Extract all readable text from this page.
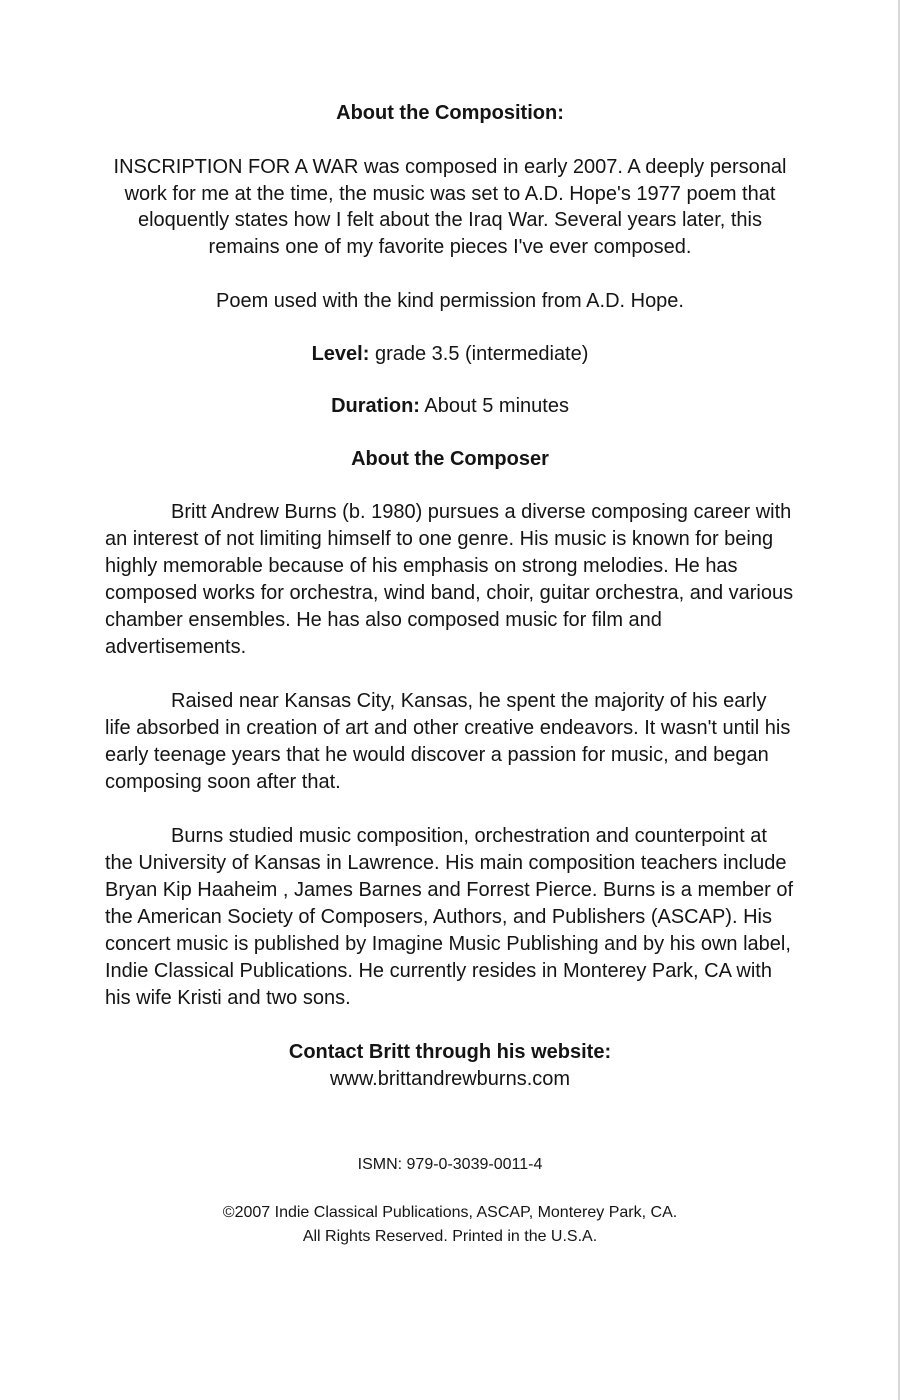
About the Composition:

INSCRIPTION FOR A WAR was composed in early 2007. A deeply personal work for me at the time, the music was set to A.D. Hope's 1977 poem that eloquently states how I felt about the Iraq War. Several years later, this remains one of my favorite pieces I've ever composed.

Poem used with the kind permission from A.D. Hope.

Level: grade 3.5 (intermediate)

Duration: About 5 minutes

About the Composer

Britt Andrew Burns (b. 1980) pursues a diverse composing career with an interest of not limiting himself to one genre. His music is known for being highly memorable because of his emphasis on strong melodies. He has composed works for orchestra, wind band, choir, guitar orchestra, and various chamber ensembles. He has also composed music for film and advertisements.

Raised near Kansas City, Kansas, he spent the majority of his early life absorbed in creation of art and other creative endeavors. It wasn't until his early teenage years that he would discover a passion for music, and began composing soon after that.

Burns studied music composition, orchestration and counterpoint at the University of Kansas in Lawrence. His main composition teachers include Bryan Kip Haaheim , James Barnes and Forrest Pierce. Burns is a member of the American Society of Composers, Authors, and Publishers (ASCAP). His concert music is published by Imagine Music Publishing and by his own label, Indie Classical Publications. He currently resides in Monterey Park, CA with his wife Kristi and two sons.

Contact Britt through his website:

www.brittandrewburns.com

ISMN: 979-0-3039-0011-4

©2007 Indie Classical Publications, ASCAP, Monterey Park, CA.

All Rights Reserved. Printed in the U.S.A.
